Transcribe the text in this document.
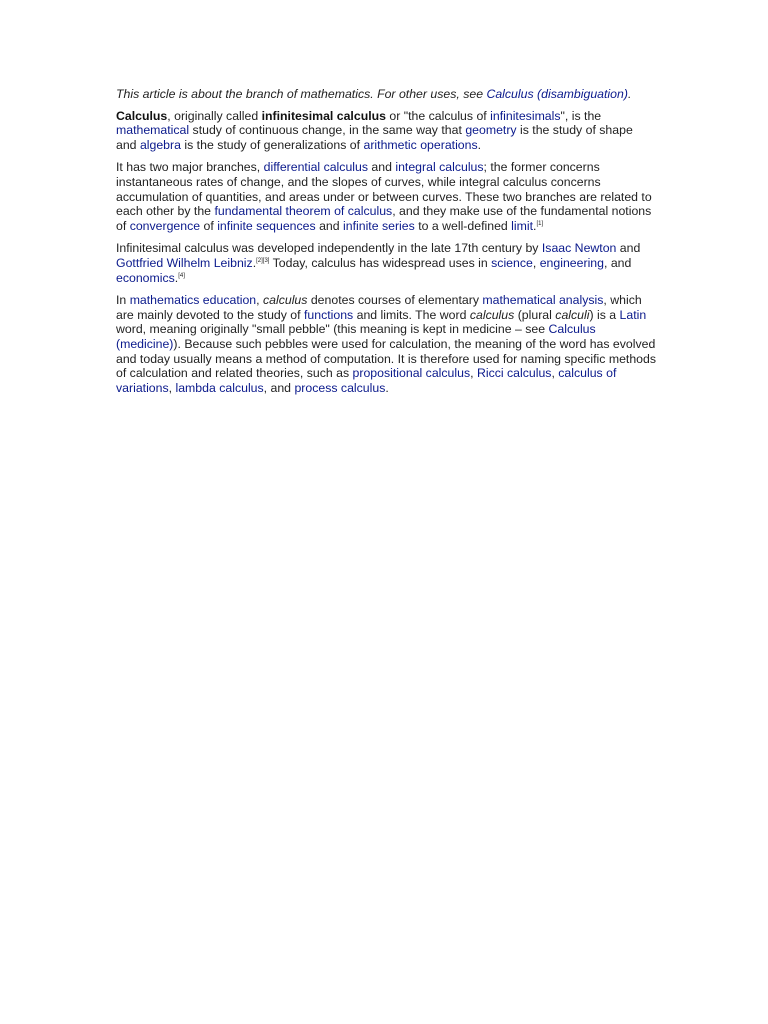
This article is about the branch of mathematics. For other uses, see Calculus (disambiguation).

Calculus, originally called infinitesimal calculus or "the calculus of infinitesimals", is the mathematical study of continuous change, in the same way that geometry is the study of shape and algebra is the study of generalizations of arithmetic operations.

It has two major branches, differential calculus and integral calculus; the former concerns instantaneous rates of change, and the slopes of curves, while integral calculus concerns accumulation of quantities, and areas under or between curves. These two branches are related to each other by the fundamental theorem of calculus, and they make use of the fundamental notions of convergence of infinite sequences and infinite series to a well-defined limit.[1]

Infinitesimal calculus was developed independently in the late 17th century by Isaac Newton and Gottfried Wilhelm Leibniz.[2][3] Today, calculus has widespread uses in science, engineering, and economics.[4]

In mathematics education, calculus denotes courses of elementary mathematical analysis, which are mainly devoted to the study of functions and limits. The word calculus (plural calculi) is a Latin word, meaning originally "small pebble" (this meaning is kept in medicine – see Calculus (medicine)). Because such pebbles were used for calculation, the meaning of the word has evolved and today usually means a method of computation. It is therefore used for naming specific methods of calculation and related theories, such as propositional calculus, Ricci calculus, calculus of variations, lambda calculus, and process calculus.
